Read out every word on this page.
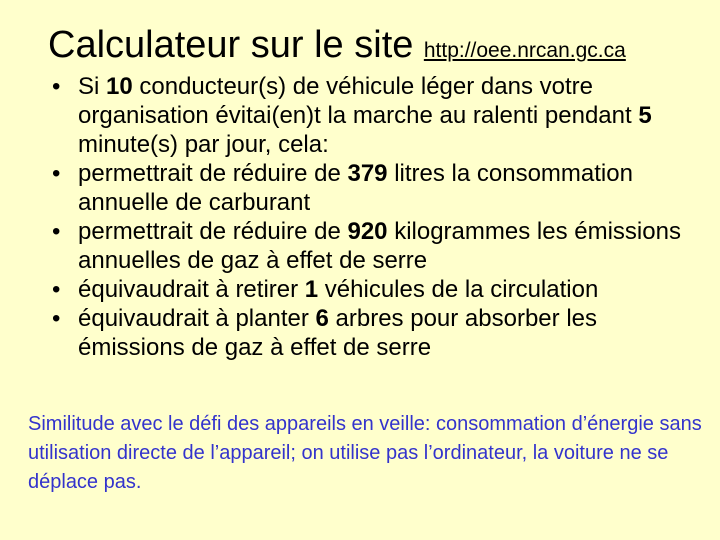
Calculateur sur le site http://oee.nrcan.gc.ca
• Si 10 conducteur(s) de véhicule léger dans votre organisation évitai(en)t la marche au ralenti pendant 5 minute(s) par jour, cela:
• permettrait de réduire de 379 litres la consommation annuelle de carburant
• permettrait de réduire de 920 kilogrammes les émissions annuelles de gaz à effet de serre
• équivaudrait à retirer 1 véhicules de la circulation
• équivaudrait à planter 6 arbres pour absorber les émissions de gaz à effet de serre
Similitude avec le défi des appareils en veille: consommation d’énergie sans utilisation directe de l’appareil; on utilise pas l’ordinateur, la voiture ne se déplace pas.
